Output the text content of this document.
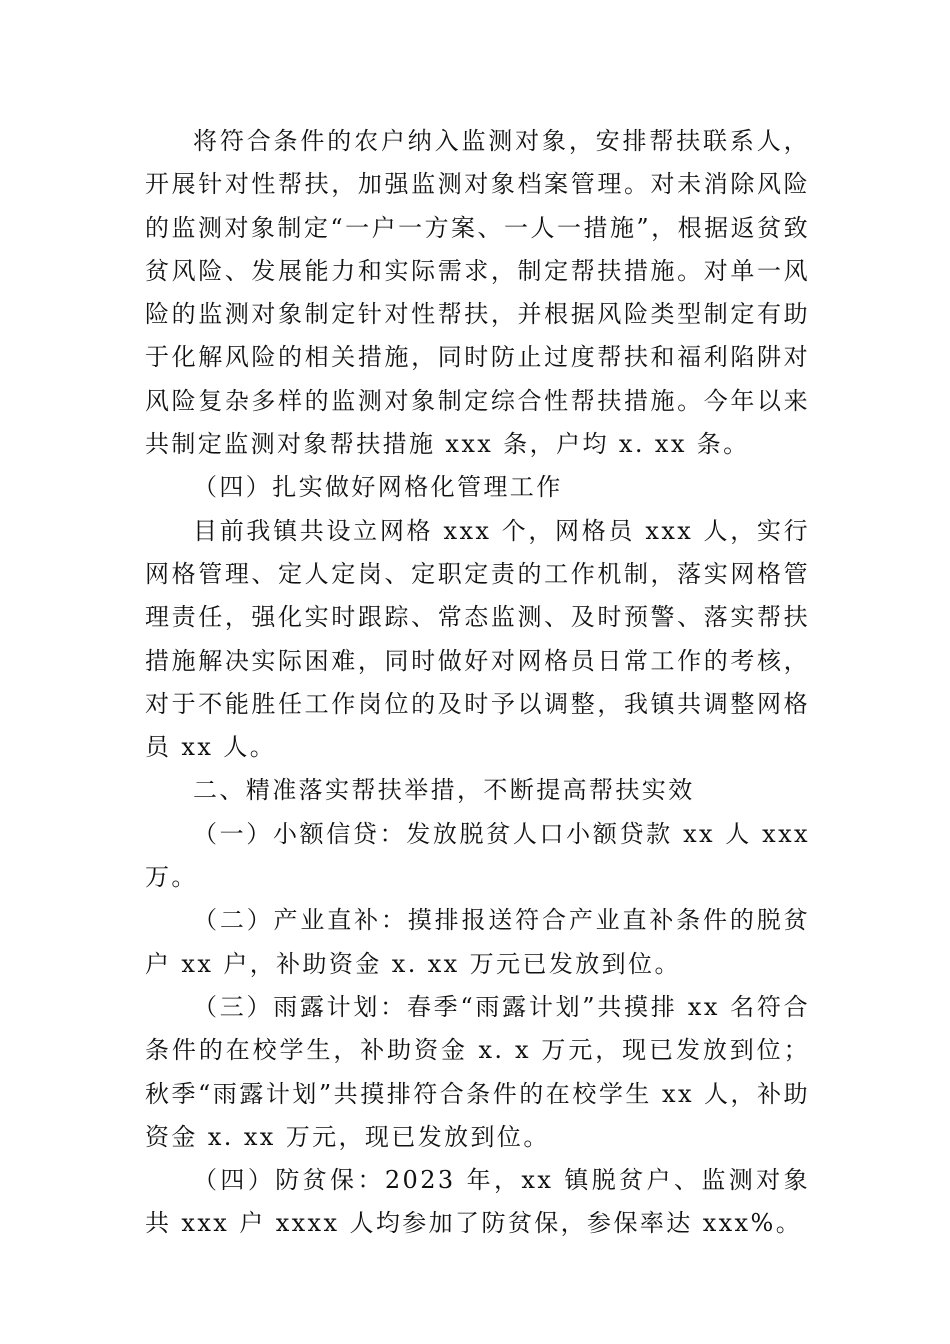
将符合条件的农户纳入监测对象，安排帮扶联系人，开展针对性帮扶，加强监测对象档案管理。对未消除风险的监测对象制定“一户一方案、一人一措施”，根据返贫致贫风险、发展能力和实际需求，制定帮扶措施。对单一风险的监测对象制定针对性帮扶，并根据风险类型制定有助于化解风险的相关措施，同时防止过度帮扶和福利陷阱对风险复杂多样的监测对象制定综合性帮扶措施。今年以来共制定监测对象帮扶措施 xxx 条，户均 x. xx 条。

（四）扎实做好网格化管理工作

目前我镇共设立网格 xxx 个，网格员 xxx 人，实行网格管理、定人定岗、定职定责的工作机制，落实网格管理责任，强化实时跟踪、常态监测、及时预警、落实帮扶措施解决实际困难，同时做好对网格员日常工作的考核，对于不能胜任工作岗位的及时予以调整，我镇共调整网格员 xx 人。

二、精准落实帮扶举措，不断提高帮扶实效

（一）小额信贷：发放脱贫人口小额贷款 xx 人 xxx 万。

（二）产业直补：摸排报送符合产业直补条件的脱贫户 xx 户，补助资金 x. xx 万元已发放到位。

（三）雨露计划：春季“雨露计划”共摸排 xx 名符合条件的在校学生，补助资金 x. x 万元，现已发放到位；秋季“雨露计划”共摸排符合条件的在校学生 xx 人，补助资金 x. xx 万元，现已发放到位。

（四）防贫保：2023 年，xx 镇脱贫户、监测对象共 xxx 户 xxxx 人均参加了防贫保，参保率达 xxx%。
